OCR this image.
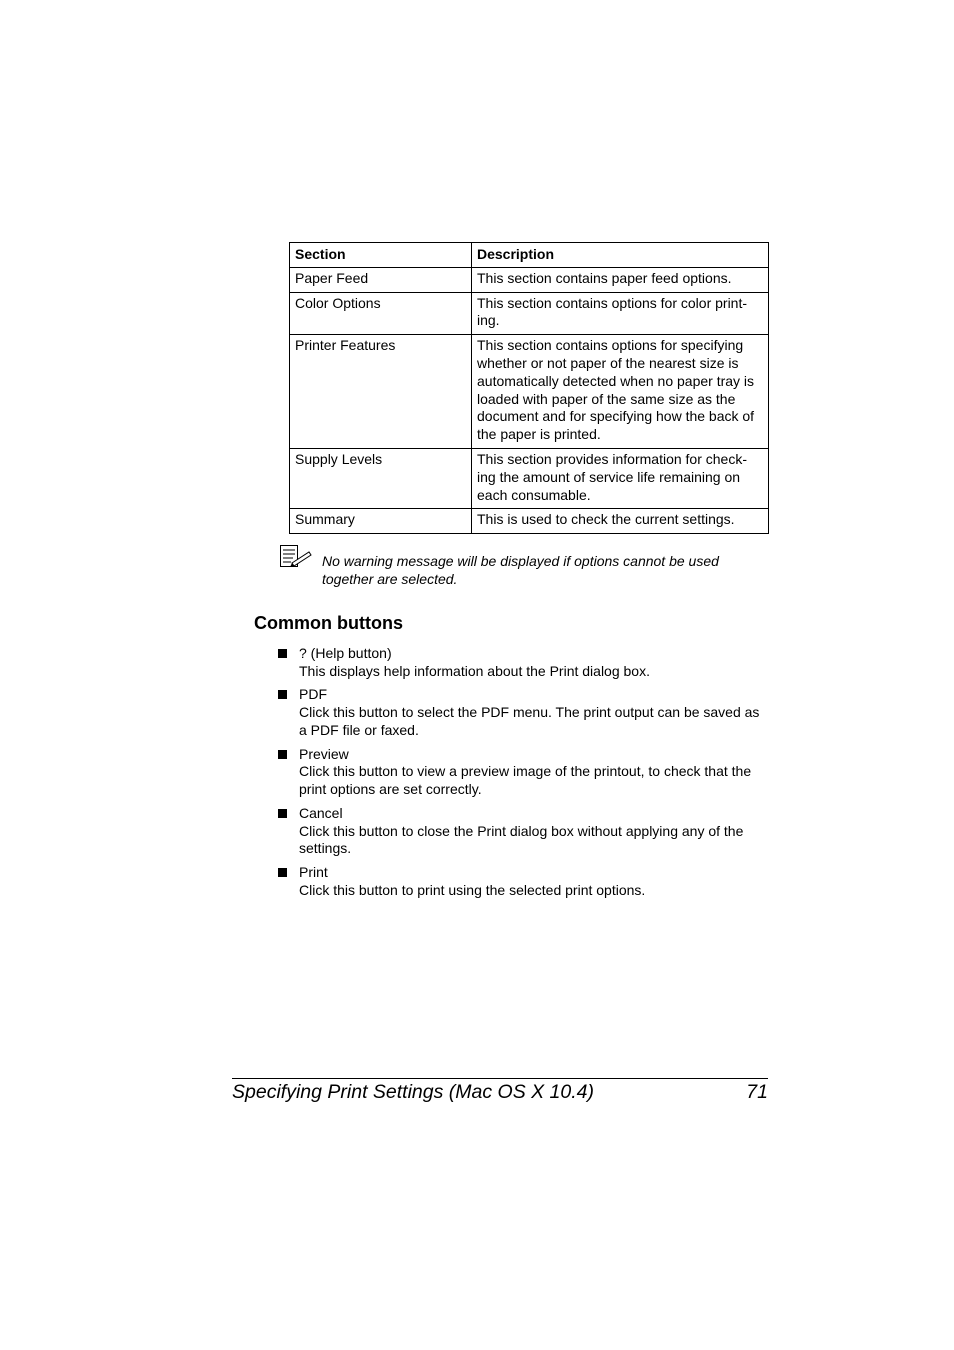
Section	Description
Paper Feed	This section contains paper feed options.
Color Options	This section contains options for color print-ing.
Printer Features	This section contains options for specifying whether or not paper of the nearest size is automatically detected when no paper tray is loaded with paper of the same size as the document and for specifying how the back of the paper is printed.
Supply Levels	This section provides information for check-ing the amount of service life remaining on each consumable.
Summary	This is used to check the current settings.
No warning message will be displayed if options cannot be used together are selected.
Common buttons
? (Help button)
This displays help information about the Print dialog box.
PDF
Click this button to select the PDF menu. The print output can be saved as a PDF file or faxed.
Preview
Click this button to view a preview image of the printout, to check that the print options are set correctly.
Cancel
Click this button to close the Print dialog box without applying any of the settings.
Print
Click this button to print using the selected print options.
Specifying Print Settings (Mac OS X 10.4)	71
